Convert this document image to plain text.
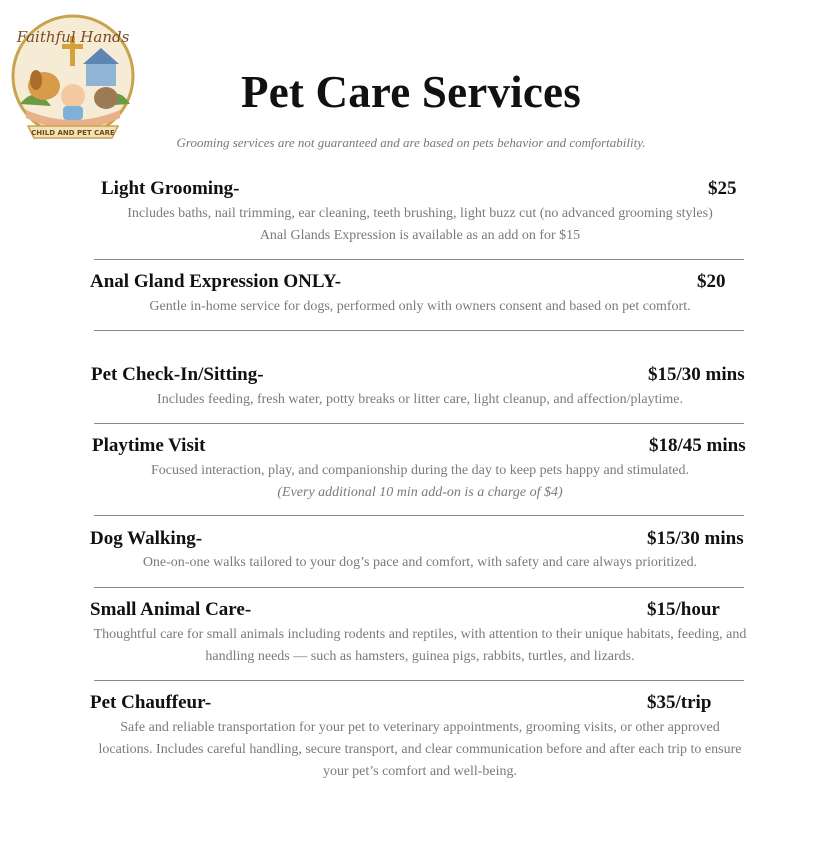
Faithful Hands
CHILD AND PET CARE
Pet Care Services
Grooming services are not guaranteed and are based on pets behavior and comfortability.
Light Grooming-	$25
Includes baths, nail trimming, ear cleaning, teeth brushing, light buzz cut (no advanced grooming styles)
Anal Glands Expression is available as an add on for $15
Anal Gland Expression ONLY-	$20
Gentle in-home service for dogs, performed only with owners consent and based on pet comfort.
Pet Check-In/Sitting-	$15/30 mins
Includes feeding, fresh water, potty breaks or litter care, light cleanup, and affection/playtime.
Playtime Visit	$18/45 mins
Focused interaction, play, and companionship during the day to keep pets happy and stimulated.
(Every additional 10 min add-on is a charge of $4)
Dog Walking-	$15/30 mins
One-on-one walks tailored to your dog’s pace and comfort, with safety and care always prioritized.
Small Animal Care-	$15/hour
Thoughtful care for small animals including rodents and reptiles, with attention to their unique habitats, feeding, and handling needs — such as hamsters, guinea pigs, rabbits, turtles, and lizards.
Pet Chauffeur-	$35/trip
Safe and reliable transportation for your pet to veterinary appointments, grooming visits, or other approved locations. Includes careful handling, secure transport, and clear communication before and after each trip to ensure your pet’s comfort and well-being.
